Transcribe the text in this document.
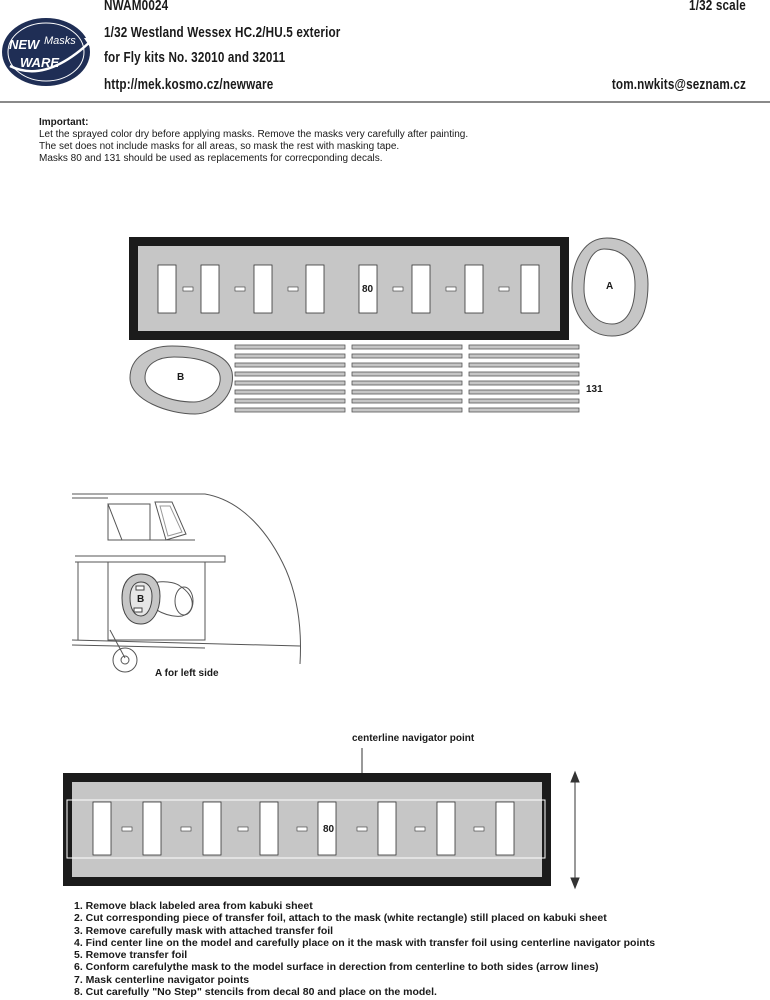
NWAM0024	1/32 scale
1/32 Westland Wessex HC.2/HU.5 exterior
for Fly kits No. 32010 and 32011
http://mek.kosmo.cz/newware	tom.nwkits@seznam.cz
NEW Masks
WARE
Important:
Let the sprayed color dry before applying masks. Remove the masks very carefully after painting.
The set does not include masks for all areas, so mask the rest with masking tape.
Masks 80 and 131 should be used as replacements for correcponding decals.
80	A
B
131
B
A for left side
centerline navigator point
80
1. Remove black labeled area from kabuki sheet
2. Cut corresponding piece of transfer foil, attach to the mask (white rectangle) still placed on kabuki sheet
3. Remove carefully mask with attached transfer foil
4. Find center line on the model and carefully place on it the mask with transfer foil using centerline navigator points
5. Remove transfer foil
6. Conform carefulythe mask to the model surface in derection from centerline to both sides (arrow lines)
7. Mask centerline navigator points
8. Cut carefully "No Step" stencils from decal 80 and place on the model.
